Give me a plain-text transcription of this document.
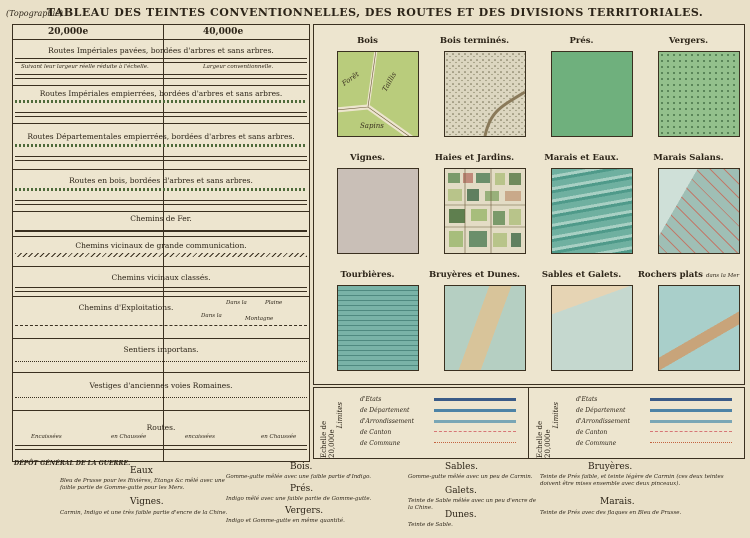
(Topographie)
TABLEAU DES TEINTES CONVENTIONNELLES, DES ROUTES ET DES DIVISIONS TERRITORIALES.
20,000e	40,000e
Routes Impériales pavées, bordées d'arbres et sans arbres.
Suivant leur largeur réelle réduite à l'échelle.	Largeur conventionnelle.
Routes Impériales empierrées, bordées d'arbres et sans arbres.
Routes Départementales empierrées, bordées d'arbres et sans arbres.
Routes en bois, bordées d'arbres et sans arbres.
Chemins de Fer.
Chemins vicinaux de grande communication.
Chemins vicinaux classés.
Chemins d'Exploitations.	Dans la	Plaine
Dans la	Montagne
Sentiers importans.
Vestiges d'anciennes voies Romaines.
Routes.
Encaissées	en Chaussée	encaissées	en Chaussée
Bois
Forêt	Taillis
Sapins
Bois terminés.	Prés.	Vergers.
Vignes.	Haies et Jardins.	Marais et Eaux.	Marais Salans.
Tourbières.	Bruyères et Dunes.	Sables et Galets.	Rochers plats dans la Mer
Echelle de 20,000e
Limites
d'Etats
de Département
d'Arrondissement
de Canton
de Commune	Echelle de 20,000e
Limites
d'Etats
de Département
d'Arrondissement
de Canton
de Commune
DÉPÔT GÉNÉRAL DE LA GUERRE.
Eaux
Bleu de Prusse pour les Rivières, Etangs &c mêlé avec une faible partie de Gomme-gutte pour les Mers.
Vignes.
Carmin, Indigo et une très faible partie d'encre de la Chine.
Bois.
Gomme-gutte mêlée avec une faible partie d'Indigo.
Prés.
Indigo mêlé avec une faible partie de Gomme-gutte.
Vergers.
Indigo et Gomme-gutte en même quantité.
Sables.
Gomme-gutte mêlée avec un peu de Carmin.
Galets.
Teinte de Sable mêlée avec un peu d'encre de la Chine.
Dunes.
Teinte de Sable.
Bruyères.
Teinte de Prés faible, et teinte légère de Carmin (ces deux teintes doivent être mises ensemble avec deux pinceaux).
Marais.
Teinte de Prés avec des flaques en Bleu de Prusse.
